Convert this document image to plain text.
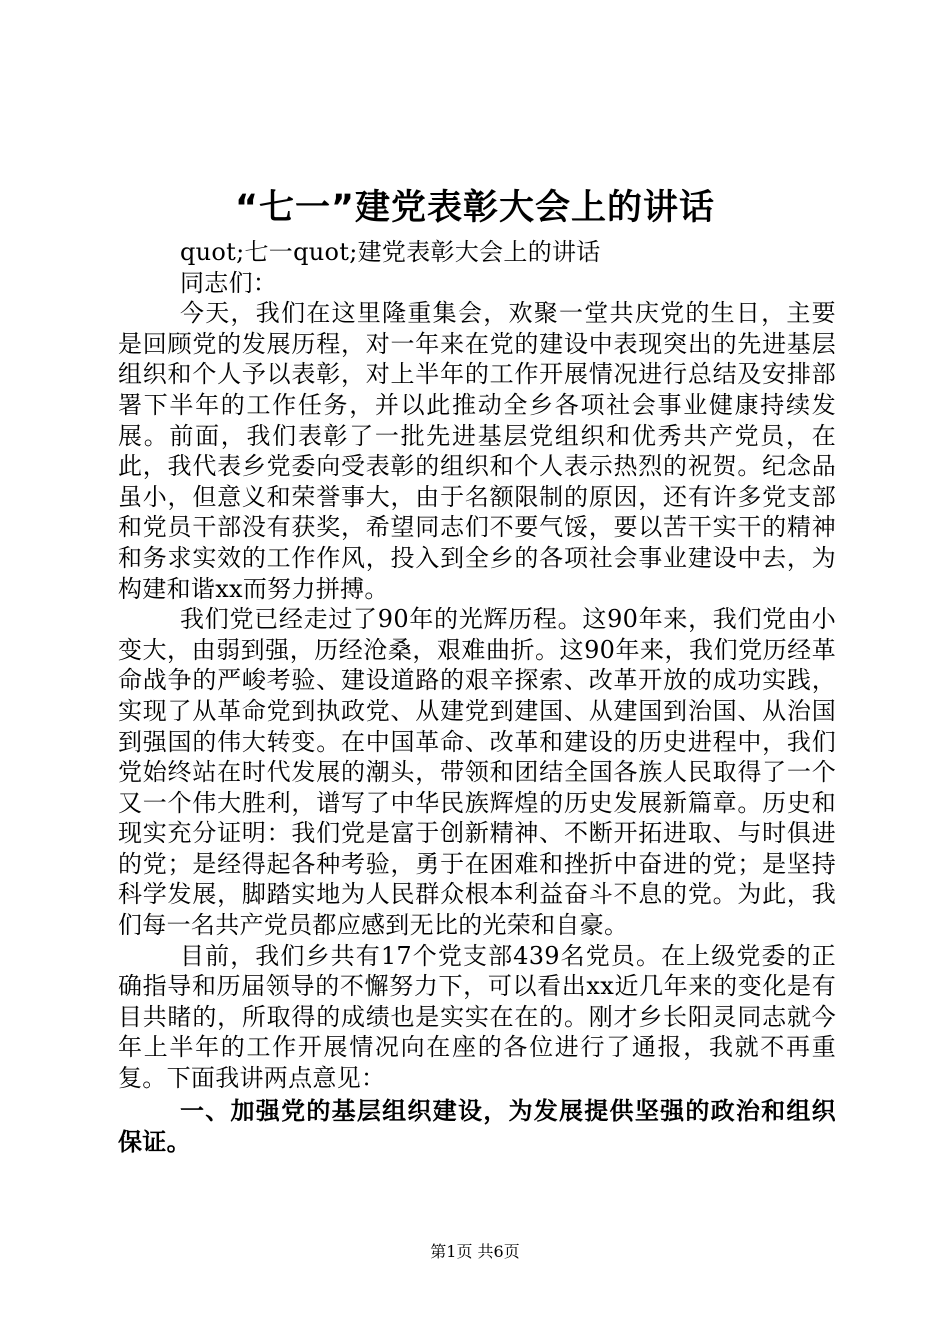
“七一”建党表彰大会上的讲话

quot;七一quot;建党表彰大会上的讲话

同志们：

今天，我们在这里隆重集会，欢聚一堂共庆党的生日，主要是回顾党的发展历程，对一年来在党的建设中表现突出的先进基层组织和个人予以表彰，对上半年的工作开展情况进行总结及安排部署下半年的工作任务，并以此推动全乡各项社会事业健康持续发展。前面，我们表彰了一批先进基层党组织和优秀共产党员，在此，我代表乡党委向受表彰的组织和个人表示热烈的祝贺。纪念品虽小，但意义和荣誉事大，由于名额限制的原因，还有许多党支部和党员干部没有获奖，希望同志们不要气馁，要以苦干实干的精神和务求实效的工作作风，投入到全乡的各项社会事业建设中去，为构建和谐xx而努力拼搏。

我们党已经走过了90年的光辉历程。这90年来，我们党由小变大，由弱到强，历经沧桑，艰难曲折。这90年来，我们党历经革命战争的严峻考验、建设道路的艰辛探索、改革开放的成功实践，实现了从革命党到执政党、从建党到建国、从建国到治国、从治国到强国的伟大转变。在中国革命、改革和建设的历史进程中，我们党始终站在时代发展的潮头，带领和团结全国各族人民取得了一个又一个伟大胜利，谱写了中华民族辉煌的历史发展新篇章。历史和现实充分证明：我们党是富于创新精神、不断开拓进取、与时俱进的党；是经得起各种考验，勇于在困难和挫折中奋进的党；是坚持科学发展，脚踏实地为人民群众根本利益奋斗不息的党。为此，我们每一名共产党员都应感到无比的光荣和自豪。

目前，我们乡共有17个党支部439名党员。在上级党委的正确指导和历届领导的不懈努力下，可以看出xx近几年来的变化是有目共睹的，所取得的成绩也是实实在在的。刚才乡长阳灵同志就今年上半年的工作开展情况向在座的各位进行了通报，我就不再重复。下面我讲两点意见：

一、加强党的基层组织建设，为发展提供坚强的政治和组织保证。

第1页 共6页
